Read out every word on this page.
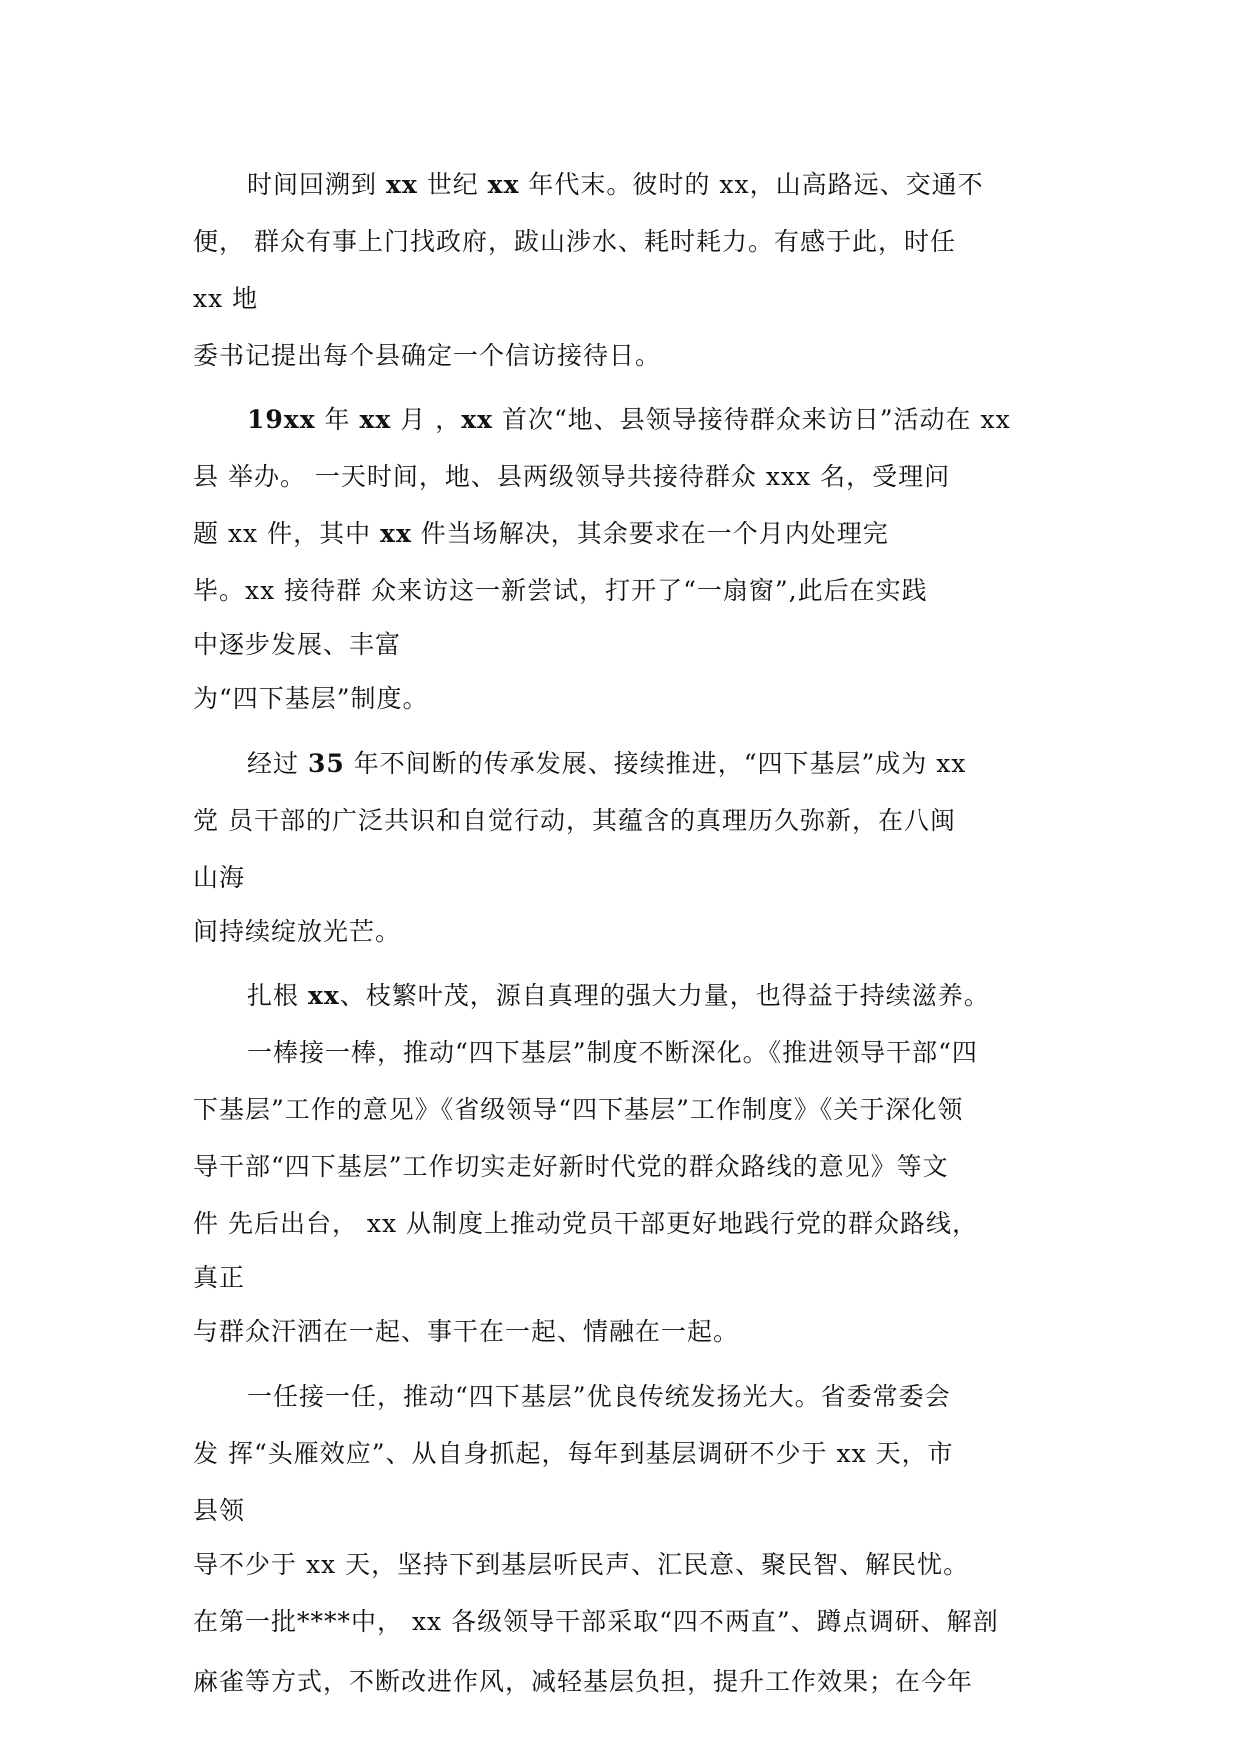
时间回溯到 xx 世纪 xx 年代末。彼时的 xx，山高路远、交通不

便， 群众有事上门找政府，跋山涉水、耗时耗力。有感于此，时任

xx 地

委书记提出每个县确定一个信访接待日。

19xx 年 xx 月 ，xx 首次“地、县领导接待群众来访日”活动在 xx

县 举办。 一天时间，地、县两级领导共接待群众 xxx 名，受理问

题 xx 件，其中 xx 件当场解决，其余要求在一个月内处理完

毕。xx 接待群 众来访这一新尝试，打开了“一扇窗”,此后在实践

中逐步发展、丰富

为“四下基层”制度。

经过 35 年不间断的传承发展、接续推进，“四下基层”成为 xx

党 员干部的广泛共识和自觉行动，其蕴含的真理历久弥新，在八闽

山海

间持续绽放光芒。

扎根 xx、枝繁叶茂，源自真理的强大力量，也得益于持续滋养。

一棒接一棒，推动“四下基层”制度不断深化。《推进领导干部“四

下基层”工作的意见》《省级领导“四下基层”工作制度》《关于深化领

导干部“四下基层”工作切实走好新时代党的群众路线的意见》等文

件 先后出台， xx 从制度上推动党员干部更好地践行党的群众路线，

真正

与群众汗洒在一起、事干在一起、情融在一起。

一任接一任，推动“四下基层”优良传统发扬光大。省委常委会

发 挥“头雁效应”、从自身抓起，每年到基层调研不少于 xx 天，市

县领

导不少于 xx 天，坚持下到基层听民声、汇民意、聚民智、解民忧。

在第一批****中， xx 各级领导干部采取“四不两直”、蹲点调研、解剖

麻雀等方式，不断改进作风，减轻基层负担，提升工作效果；在今年
